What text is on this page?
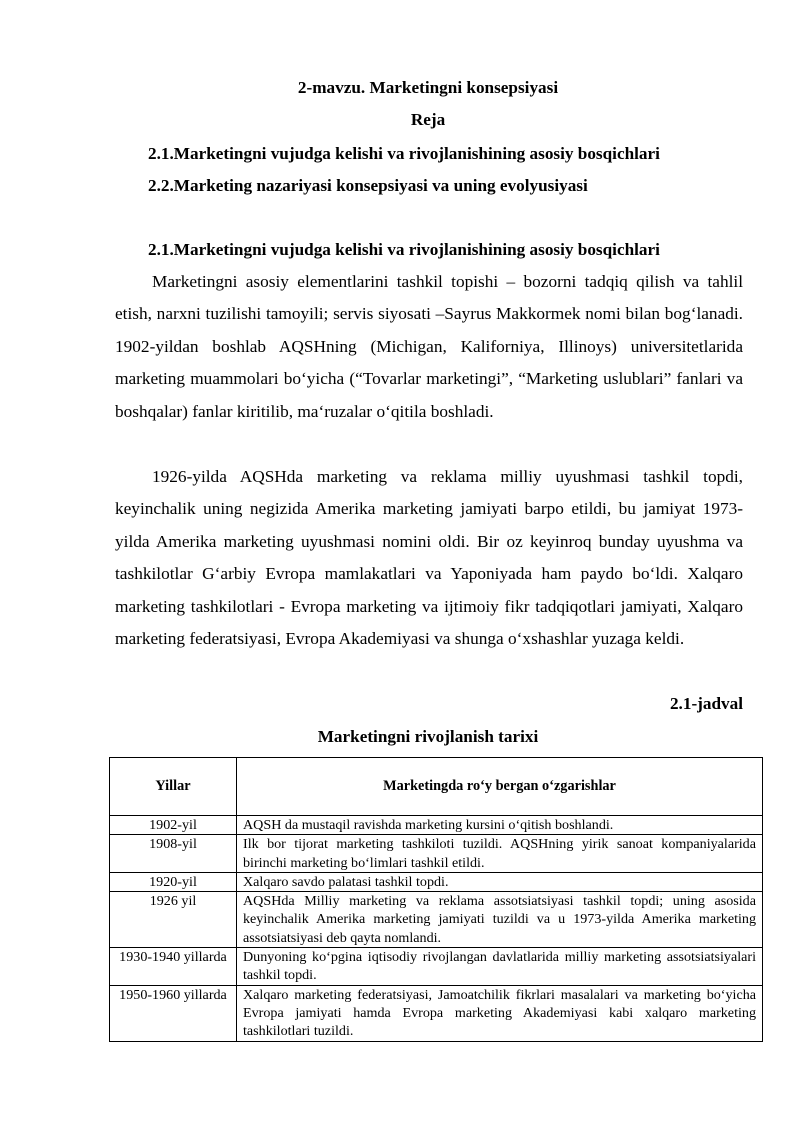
2-mavzu. Marketingni konsepsiyasi
Reja
2.1.Marketingni vujudga kelishi va rivojlanishining asosiy bosqichlari
2.2.Marketing nazariyasi konsepsiyasi va uning evolyusiyasi
2.1.Marketingni vujudga kelishi va rivojlanishining asosiy bosqichlari

Marketingni asosiy elementlarini tashkil topishi – bozorni tadqiq qilish va tahlil etish, narxni tuzilishi tamoyili; servis siyosati –Sayrus Makkormek nomi bilan bog‘lanadi. 1902-yildan boshlab AQSHning (Michigan, Kaliforniya, Illinoys) universitetlarida marketing muammolari bo‘yicha (“Tovarlar marketingi”, “Marketing uslublari” fanlari va boshqalar) fanlar kiritilib, ma‘ruzalar o‘qitila boshladi.

1926-yilda AQSHda marketing va reklama milliy uyushmasi tashkil topdi, keyinchalik uning negizida Amerika marketing jamiyati barpo etildi, bu jamiyat 1973-yilda Amerika marketing uyushmasi nomini oldi. Bir oz keyinroq bunday uyushma va tashkilotlar G‘arbiy Evropa mamlakatlari va Yaponiyada ham paydo bo‘ldi. Xalqaro marketing tashkilotlari - Evropa marketing va ijtimoiy fikr tadqiqotlari jamiyati, Xalqaro marketing federatsiyasi, Evropa Akademiyasi va shunga o‘xshashlar yuzaga keldi.

2.1-jadval
Marketingni rivojlanish tarixi
Yillar	Marketingda ro‘y bergan o‘zgarishlar
1902-yil	AQSH da mustaqil ravishda marketing kursini o‘qitish boshlandi.
1908-yil	Ilk bor tijorat marketing tashkiloti tuzildi. AQSHning yirik sanoat kompaniyalarida birinchi marketing bo‘limlari tashkil etildi.
1920-yil	Xalqaro savdo palatasi tashkil topdi.
1926 yil	AQSHda Milliy marketing va reklama assotsiatsiyasi tashkil topdi; uning asosida keyinchalik Amerika marketing jamiyati tuzildi va u 1973-yilda Amerika marketing assotsiatsiyasi deb qayta nomlandi.
1930-1940 yillarda	Dunyoning ko‘pgina iqtisodiy rivojlangan davlatlarida milliy marketing assotsiatsiyalari tashkil topdi.
1950-1960 yillarda	Xalqaro marketing federatsiyasi, Jamoatchilik fikrlari masalalari va marketing bo‘yicha Evropa jamiyati hamda Evropa marketing Akademiyasi kabi xalqaro marketing tashkilotlari tuzildi.
